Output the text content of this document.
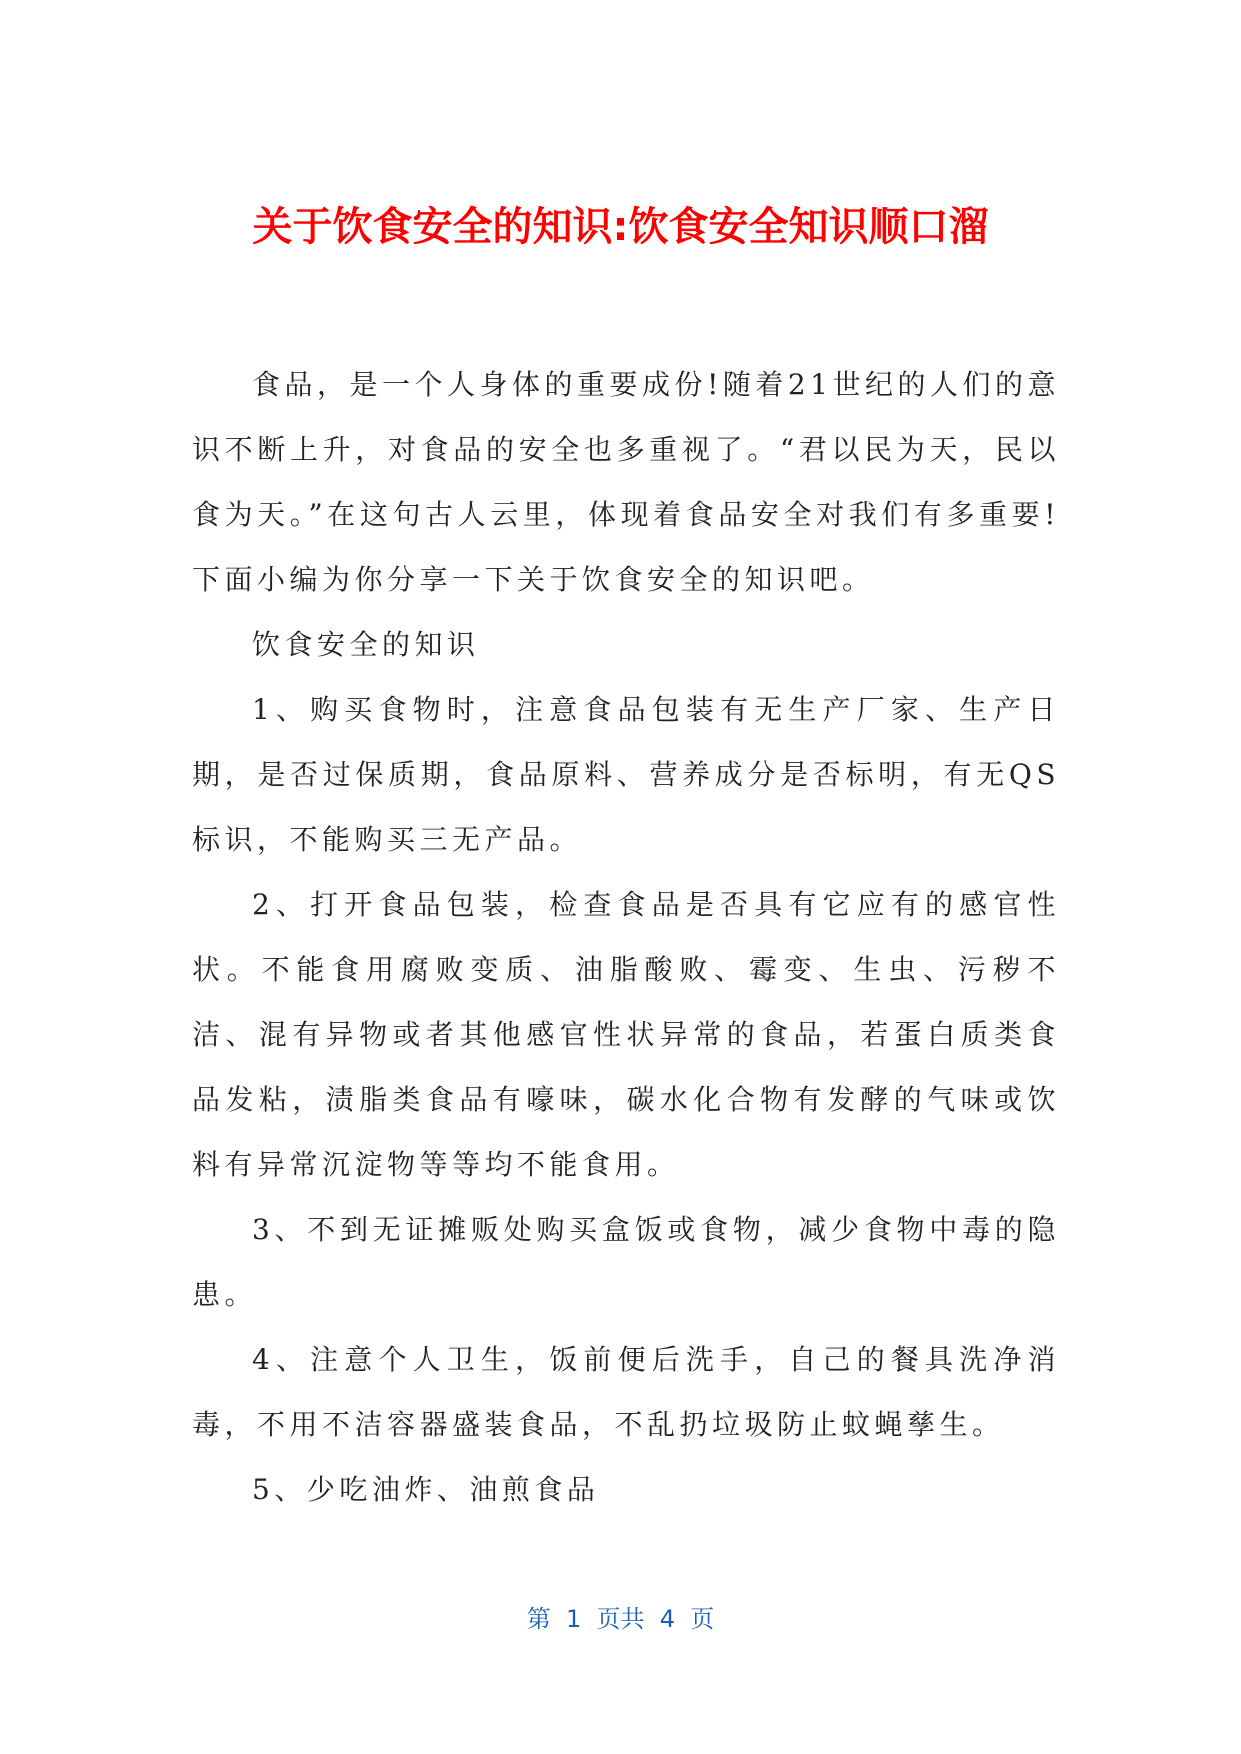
关于饮食安全的知识:饮食安全知识顺口溜

食品，是一个人身体的重要成份!随着21世纪的人们的意识不断上升，对食品的安全也多重视了。“君以民为天，民以食为天。”在这句古人云里，体现着食品安全对我们有多重要!下面小编为你分享一下关于饮食安全的知识吧。

饮食安全的知识

1、购买食物时，注意食品包装有无生产厂家、生产日期，是否过保质期，食品原料、营养成分是否标明，有无QS标识，不能购买三无产品。

2、打开食品包装，检查食品是否具有它应有的感官性状。不能食用腐败变质、油脂酸败、霉变、生虫、污秽不洁、混有异物或者其他感官性状异常的食品，若蛋白质类食品发粘，渍脂类食品有嚎味，碳水化合物有发酵的气味或饮料有异常沉淀物等等均不能食用。

3、不到无证摊贩处购买盒饭或食物，减少食物中毒的隐患。

4、注意个人卫生，饭前便后洗手，自己的餐具洗净消毒，不用不洁容器盛装食品，不乱扔垃圾防止蚊蝇孳生。

5、少吃油炸、油煎食品

第  1  页共  4  页
